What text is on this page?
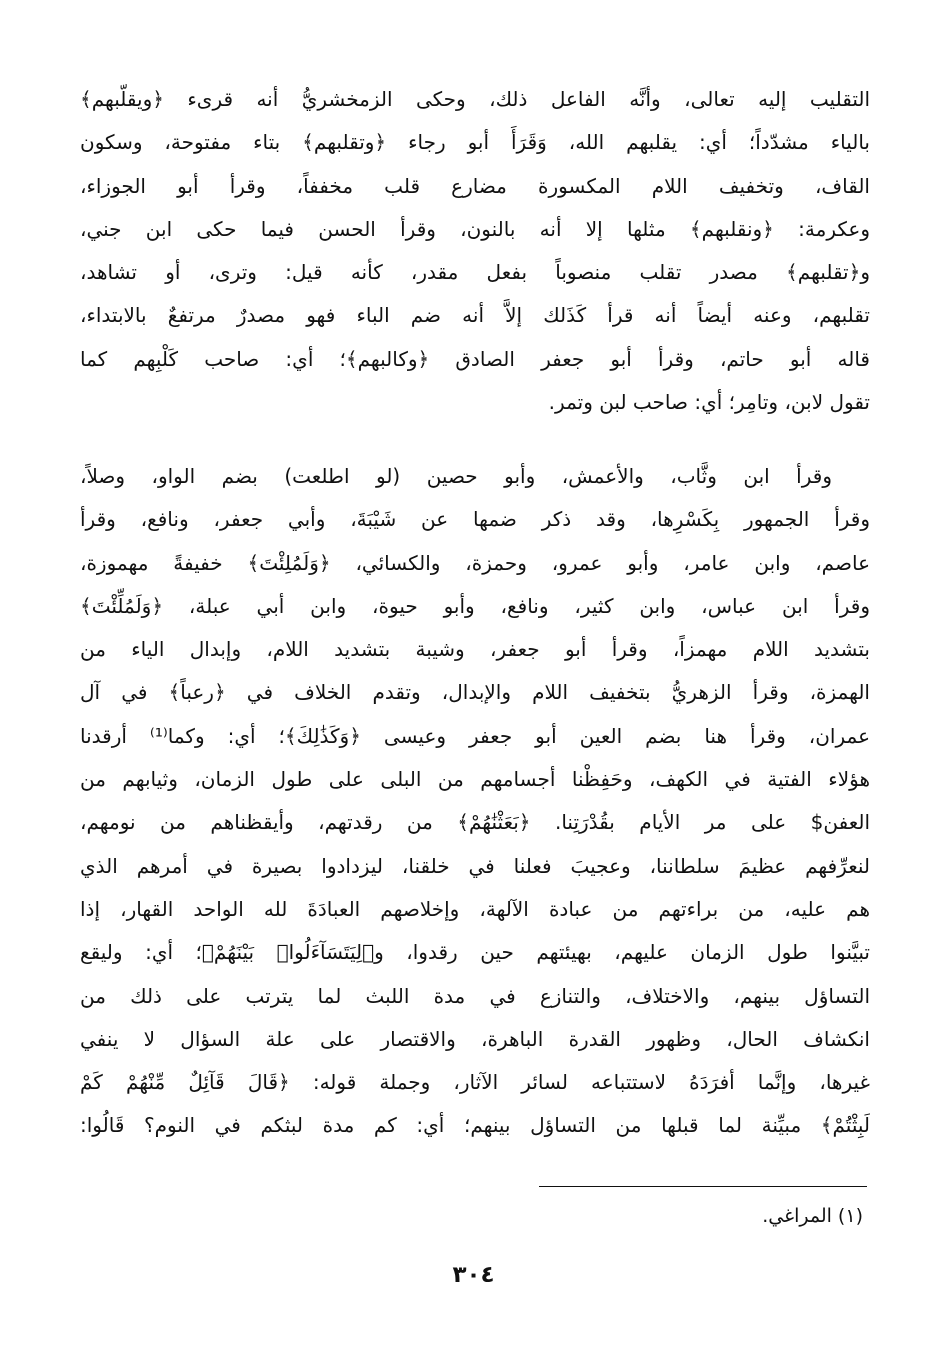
التقليب إليه تعالى، وأنَّه الفاعل ذلك، وحكى الزمخشريُّ أنه قرىء ﴿ويقلّبهم﴾
بالياء مشدّداً؛ أي: يقلبهم الله، وَقَرَأَ أبو رجاء ﴿وتقلبهم﴾ بتاء مفتوحة، وسكون
القاف، وتخفيف اللام المكسورة مضارع قلب مخففاً، وقرأ أبو الجوزاء،
وعكرمة: ﴿ونقلبهم﴾ مثلها إلا أنه بالنون، وقرأ الحسن فيما حكى ابن جني،
و﴿تقلبهم﴾ مصدر تقلب منصوباً بفعل مقدر، كأنه قيل: وترى، أو تشاهد،
تقلبهم، وعنه أيضاً أنه قرأ كَذَلك إلاَّ أنه ضم الباء فهو مصدرٌ مرتفعٌ بالابتداء،
قاله أبو حاتم، وقرأ أبو جعفر الصادق ﴿وكالبهم﴾؛ أي: صاحب كَلْبِهم كما
تقول لابن، وتامِر؛ أي: صاحب لبن وتمر.
وقرأ ابن وثَّاب، والأعمش، وأبو حصين (لو اطلعت) بضم الواو، وصلاً،
وقرأ الجمهور بِكَسْرِها، وقد ذكر ضمها عن شَيْبَةَ، وأبي جعفر، ونافع، وقرأ
عاصم، وابن عامر، وأبو عمرو، وحمزة، والكسائي، ﴿وَلَمُلِئْتَ﴾ خفيفةً مهموزة،
وقرأ ابن عباس، وابن كثير، ونافع، وأبو حيوة، وابن أبي عبلة، ﴿وَلَمُلِّئْتَ﴾
بتشديد اللام مهمزاً، وقرأ أبو جعفر، وشيبة بتشديد اللام، وإبدال الياء من
الهمزة، وقرأ الزهريُّ بتخفيف اللام والإبدال، وتقدم الخلاف في ﴿رعباً﴾ في آل
عمران، وقرأ هنا بضم العين أبو جعفر وعيسى ﴿وَكَذَٰلِكَ﴾؛ أي: وكما⁽¹⁾ أرقدنا
هؤلاء الفتية في الكهف، وحَفِظْنا أجسامهم من البلى على طول الزمان، وثيابهم من
العفن$ على مر الأيام بقُدْرَتِنا. ﴿بَعَثْنَٰهُمْ﴾ من رقدتهم، وأيقظناهم من نومهم،
لنعرِّفهم عظيمَ سلطاننا، وعجيبَ فعلنا في خلقنا، ليزدادوا بصيرة في أمرهم الذي
هم عليه، من براءتهم من عبادة الآلهة، وإخلاصهم العبادَةَ لله الواحد القهار، إذا
تبيَّنوا طول الزمان عليهم، بهيئتهم حين رقدوا، و﴿لِيَتَسَآءَلُوا۟ بَيْنَهُمْ﴾؛ أي: وليقع
التساؤل بينهم، والاختلاف، والتنازع في مدة اللبث لما يترتب على ذلك من
انكشاف الحال، وظهور القدرة الباهرة، والاقتصار على علة السؤال لا ينفي
غيرها، وإنَّما أفرَدَهُ لاستتباعه لسائر الآثار، وجملة قوله: ﴿قَالَ قَآئِلٌ مِّنْهُمْ كَمْ
لَبِثْتُمْ﴾ مبيِّنة لما قبلها من التساؤل بينهم؛ أي: كم مدة لبثكم في النوم؟ قَالُوا:
(١) المراغي.
٣٠٤
